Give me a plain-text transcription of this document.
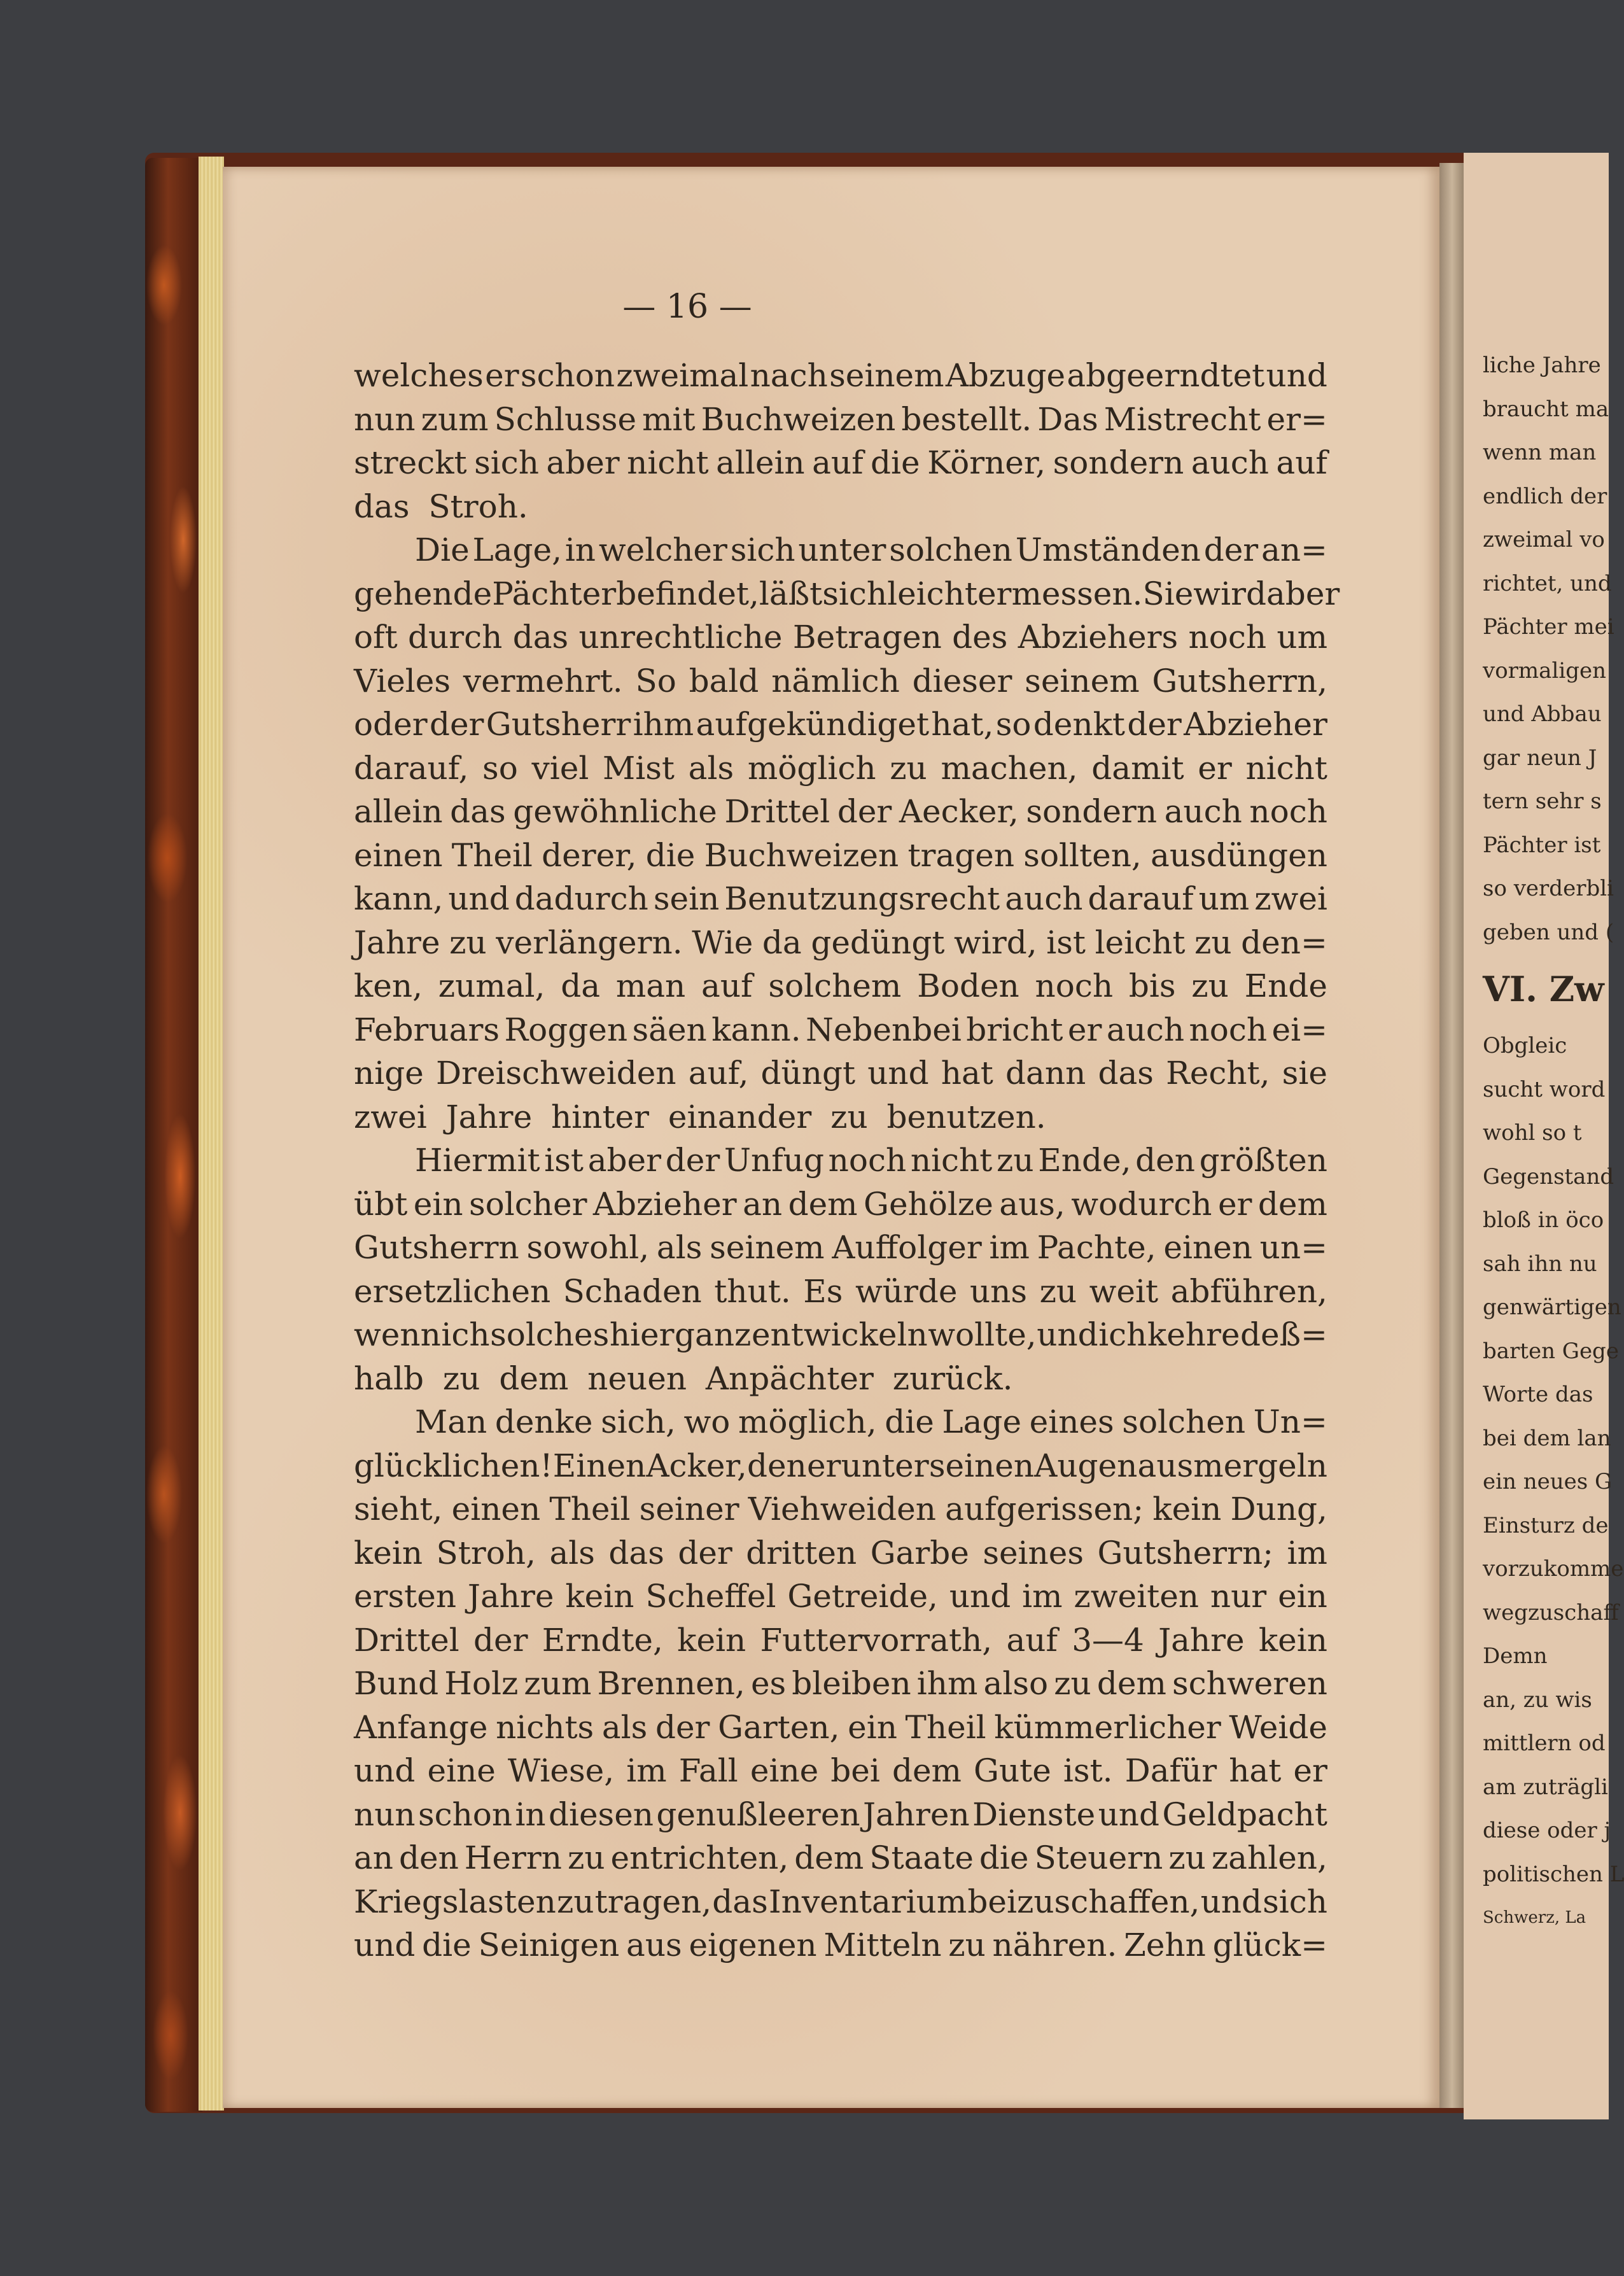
— 16 —
welches er schon zweimal nach seinem Abzuge abgeerndtet und
nun zum Schlusse mit Buchweizen bestellt. Das Mistrecht er=
streckt sich aber nicht allein auf die Körner, sondern auch auf
das Stroh.
Die Lage, in welcher sich unter solchen Umständen der an=
gehende Pächter befindet, läßt sich leicht ermessen. Sie wird aber
oft durch das unrechtliche Betragen des Abziehers noch um
Vieles vermehrt. So bald nämlich dieser seinem Gutsherrn,
oder der Gutsherr ihm aufgekündiget hat, so denkt der Abzieher
darauf, so viel Mist als möglich zu machen, damit er nicht
allein das gewöhnliche Drittel der Aecker, sondern auch noch
einen Theil derer, die Buchweizen tragen sollten, ausdüngen
kann, und dadurch sein Benutzungsrecht auch darauf um zwei
Jahre zu verlängern. Wie da gedüngt wird, ist leicht zu den=
ken, zumal, da man auf solchem Boden noch bis zu Ende
Februars Roggen säen kann. Nebenbei bricht er auch noch ei=
nige Dreischweiden auf, düngt und hat dann das Recht, sie
zwei Jahre hinter einander zu benutzen.
Hiermit ist aber der Unfug noch nicht zu Ende, den größten
übt ein solcher Abzieher an dem Gehölze aus, wodurch er dem
Gutsherrn sowohl, als seinem Auffolger im Pachte, einen un=
ersetzlichen Schaden thut. Es würde uns zu weit abführen,
wenn ich solches hier ganz entwickeln wollte, und ich kehre deß=
halb zu dem neuen Anpächter zurück.
Man denke sich, wo möglich, die Lage eines solchen Un=
glücklichen! Einen Acker, den er unter seinen Augen ausmergeln
sieht, einen Theil seiner Viehweiden aufgerissen; kein Dung,
kein Stroh, als das der dritten Garbe seines Gutsherrn; im
ersten Jahre kein Scheffel Getreide, und im zweiten nur ein
Drittel der Erndte, kein Futtervorrath, auf 3—4 Jahre kein
Bund Holz zum Brennen, es bleiben ihm also zu dem schweren
Anfange nichts als der Garten, ein Theil kümmerlicher Weide
und eine Wiese, im Fall eine bei dem Gute ist. Dafür hat er
nun schon in diesen genußleeren Jahren Dienste und Geldpacht
an den Herrn zu entrichten, dem Staate die Steuern zu zahlen,
Kriegslasten zu tragen, das Inventarium beizuschaffen, und sich
und die Seinigen aus eigenen Mitteln zu nähren. Zehn glück=
liche Jahre
braucht ma
wenn man
endlich der
zweimal vo
richtet, und
Pächter mei
vormaligen
und Abbau
gar neun J
tern sehr s
Pächter ist
so verderbli
geben und (
VI. Zw
Obgleic
sucht word
wohl so t
Gegenstand
bloß in öco
sah ihn nu
genwärtigen
barten Gege
Worte das
bei dem lan
ein neues G
Einsturz de
vorzukomme
wegzuschaff
Demn
an, zu wis
mittlern od
am zuträgli
diese oder j
politischen L
Schwerz, La
